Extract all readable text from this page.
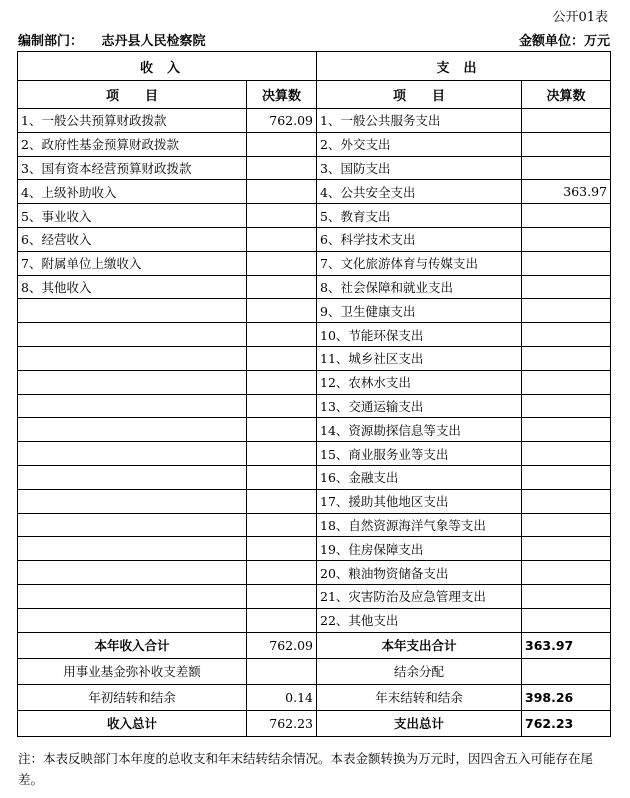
公开01表
编制部门： 志丹县人民检察院	金额单位：万元
收入		支出	
项　　目	决算数	项　　目	决算数
1、一般公共预算财政拨款	762.09	1、一般公共服务支出	
2、政府性基金预算财政拨款		2、外交支出	
3、国有资本经营预算财政拨款		3、国防支出	
4、上级补助收入		4、公共安全支出	363.97
5、事业收入		5、教育支出	
6、经营收入		6、科学技术支出	
7、附属单位上缴收入		7、文化旅游体育与传媒支出	
8、其他收入		8、社会保障和就业支出	
		9、卫生健康支出	
		10、节能环保支出	
		11、城乡社区支出	
		12、农林水支出	
		13、交通运输支出	
		14、资源勘探信息等支出	
		15、商业服务业等支出	
		16、金融支出	
		17、援助其他地区支出	
		18、自然资源海洋气象等支出	
		19、住房保障支出	
		20、粮油物资储备支出	
		21、灾害防治及应急管理支出	
		22、其他支出	
本年收入合计	762.09	本年支出合计	363.97
用事业基金弥补收支差额		结余分配	
年初结转和结余	0.14	年末结转和结余	398.26
收入总计	762.23	支出总计	762.23
注：本表反映部门本年度的总收支和年末结转结余情况。本表金额转换为万元时，因四舍五入可能存在尾差。
